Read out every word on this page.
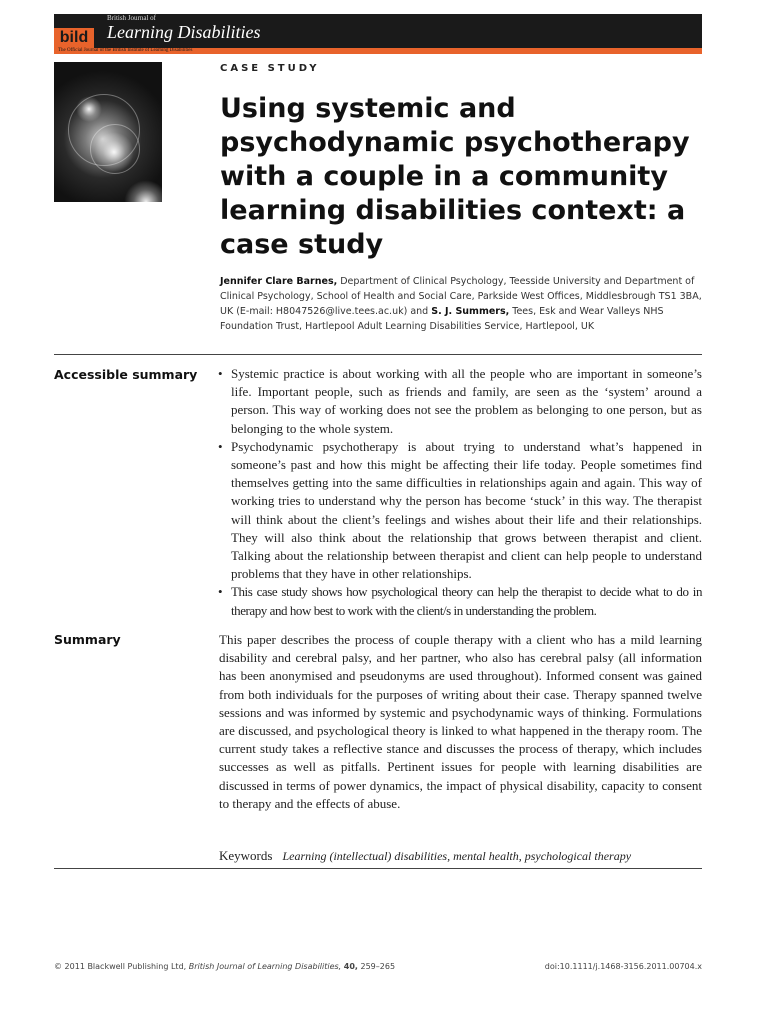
bild
British Journal of
Learning Disabilities
The Official Journal of the British Institute of Learning Disabilities
CASE STUDY
Using systemic and psychodynamic psychotherapy with a couple in a community learning disabilities context: a case study
Jennifer Clare Barnes, Department of Clinical Psychology, Teesside University and Department of Clinical Psychology, School of Health and Social Care, Parkside West Offices, Middlesbrough TS1 3BA, UK (E-mail: H8047526@live.tees.ac.uk) and S. J. Summers, Tees, Esk and Wear Valleys NHS Foundation Trust, Hartlepool Adult Learning Disabilities Service, Hartlepool, UK
Accessible summary
•	Systemic practice is about working with all the people who are important in someone’s life. Important people, such as friends and family, are seen as the ‘system’ around a person. This way of working does not see the problem as belonging to one person, but as belonging to the whole system.
• Psychodynamic psychotherapy is about trying to understand what’s happened in someone’s past and how this might be affecting their life today. People sometimes find themselves getting into the same difficulties in relationships again and again. This way of working tries to understand why the person has become ‘stuck’ in this way. The therapist will think about the client’s feelings and wishes about their life and their relationships. They will also think about the relationship that grows between therapist and client. Talking about the relationship between therapist and client can help people to understand problems that they have in other relationships.
• This case study shows how psychological theory can help the therapist to decide what to do in therapy and how best to work with the client/s in understanding the problem.
Summary	This paper describes the process of couple therapy with a client who has a mild learning disability and cerebral palsy, and her partner, who also has cerebral palsy (all information has been anonymised and pseudonyms are used throughout). Informed consent was gained from both individuals for the purposes of writing about their case. Therapy spanned twelve sessions and was informed by systemic and psychodynamic ways of thinking. Formulations are discussed, and psychological theory is linked to what happened in the therapy room. The current study takes a reflective stance and discusses the process of therapy, which includes successes as well as pitfalls. Pertinent issues for people with learning disabilities are discussed in terms of power dynamics, the impact of physical disability, capacity to consent to therapy and the effects of abuse.

Keywords Learning (intellectual) disabilities, mental health, psychological therapy
© 2011 Blackwell Publishing Ltd, British Journal of Learning Disabilities, 40, 259–265	doi:10.1111/j.1468-3156.2011.00704.x
